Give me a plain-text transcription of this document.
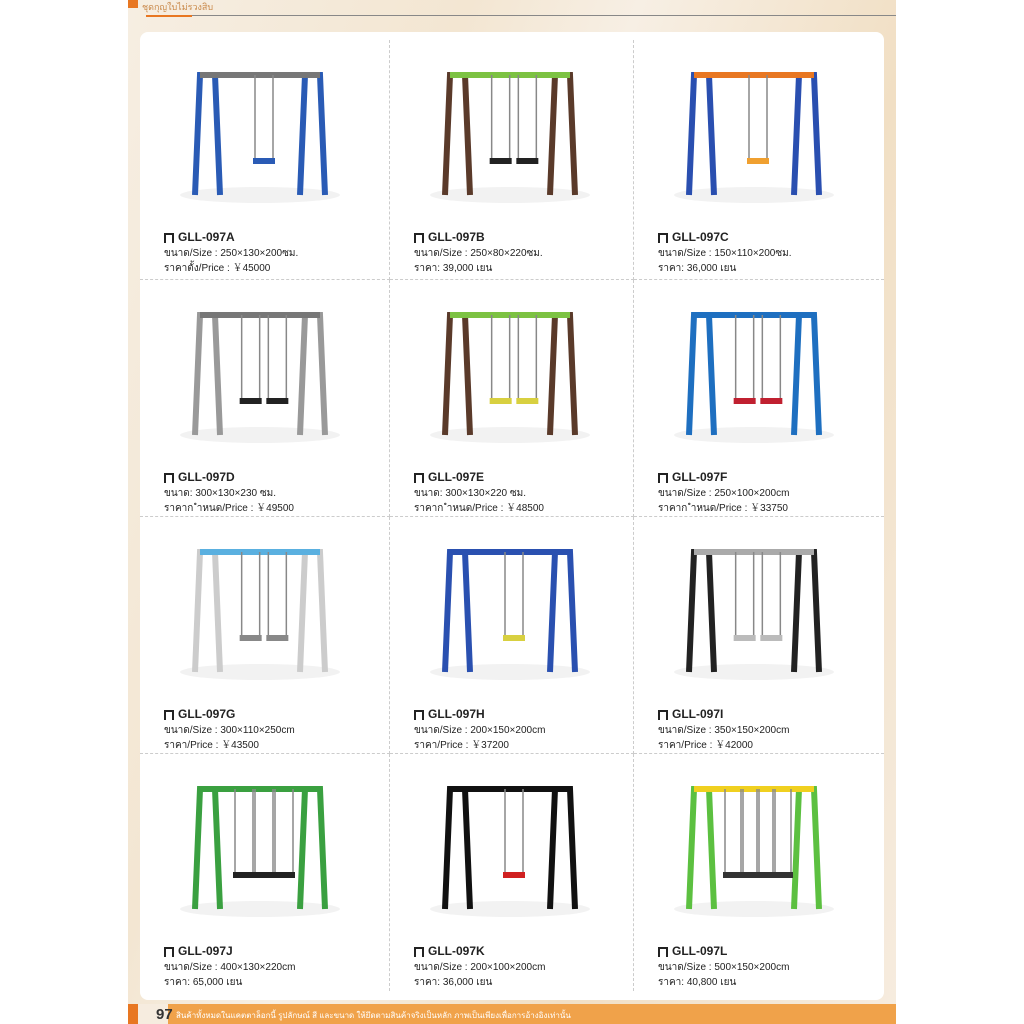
ชุดกุญใบไม่รวงสิบ
GLL-097A
ขนาด/Size : 250×130×200ซม.
ราคาตั้ง/Price : ￥45000
GLL-097B
ขนาด/Size : 250×80×220ซม.
ราคา: 39,000 เยน
GLL-097C
ขนาด/Size : 150×110×200ซม.
ราคา: 36,000 เยน
GLL-097D
ขนาด: 300×130×230 ซม.
ราคาก ําหนด/Price : ￥49500
GLL-097E
ขนาด: 300×130×220 ซม.
ราคาก ําหนด/Price : ￥48500
GLL-097F
ขนาด/Size : 250×100×200cm
ราคาก ําหนด/Price : ￥33750
GLL-097G
ขนาด/Size : 300×110×250cm
ราคา/Price : ￥43500
GLL-097H
ขนาด/Size : 200×150×200cm
ราคา/Price : ￥37200
GLL-097I
ขนาด/Size : 350×150×200cm
ราคา/Price : ￥42000
GLL-097J
ขนาด/Size : 400×130×220cm
ราคา: 65,000 เยน
GLL-097K
ขนาด/Size : 200×100×200cm
ราคา: 36,000 เยน
GLL-097L
ขนาด/Size : 500×150×200cm
ราคา: 40,800 เยน
97 สินค้าทั้งหมดในแคตตาล็อกนี้ รูปลักษณ์ สี และขนาด ให้ยึดตามสินค้าจริงเป็นหลัก ภาพเป็นเพียงเพื่อการอ้างอิงเท่านั้น
